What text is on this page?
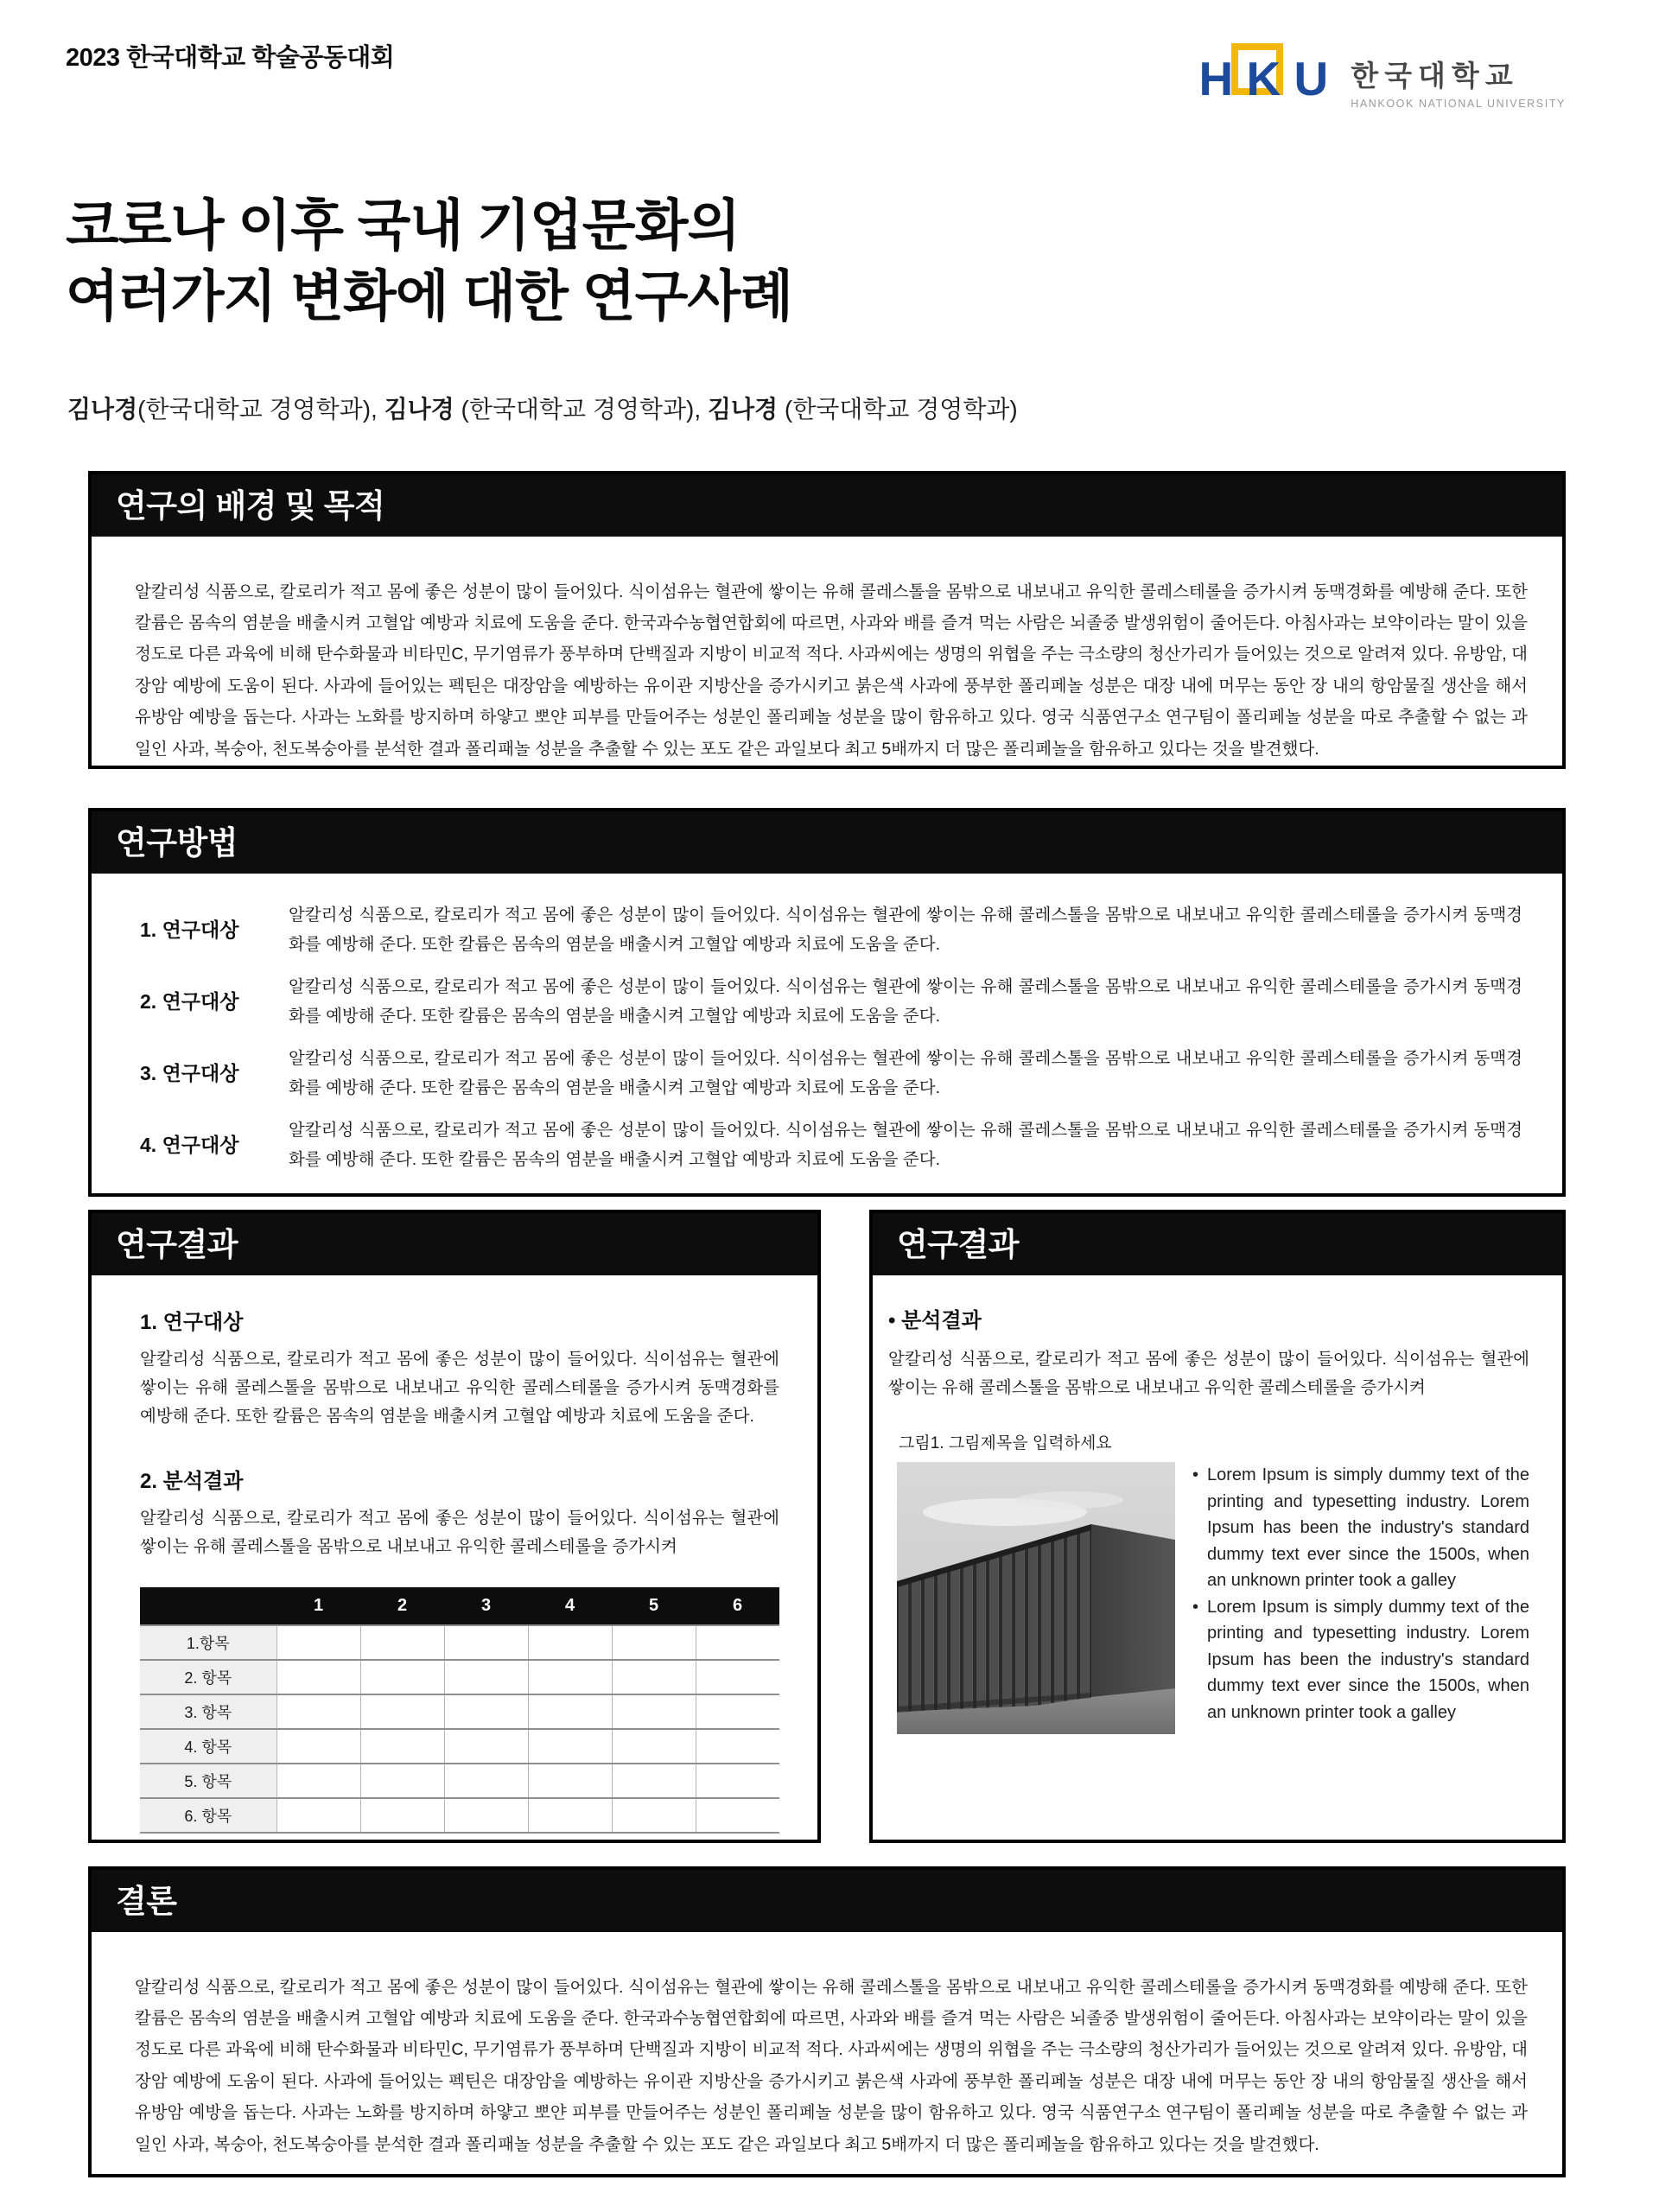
2023 한국대학교 학술공동대회	H K U 한국대학교
HANKOOK NATIONAL UNIVERSITY
코로나 이후 국내 기업문화의
여러가지 변화에 대한 연구사례
김나경(한국대학교 경영학과), 김나경 (한국대학교 경영학과), 김나경 (한국대학교 경영학과)
연구의 배경 및 목적

알칼리성 식품으로, 칼로리가 적고 몸에 좋은 성분이 많이 들어있다. 식이섬유는 혈관에 쌓이는 유해 콜레스톨을 몸밖으로 내보내고 유익한 콜레스테롤을 증가시켜 동맥경화를 예방해 준다. 또한 칼륨은 몸속의 염분을 배출시켜 고혈압 예방과 치료에 도움을 준다. 한국과수농협연합회에 따르면, 사과와 배를 즐겨 먹는 사람은 뇌졸중 발생위험이 줄어든다. 아침사과는 보약이라는 말이 있을 정도로 다른 과육에 비해 탄수화물과 비타민C, 무기염류가 풍부하며 단백질과 지방이 비교적 적다. 사과씨에는 생명의 위협을 주는 극소량의 청산가리가 들어있는 것으로 알려져 있다. 유방암, 대장암 예방에 도움이 된다. 사과에 들어있는 펙틴은 대장암을 예방하는 유이관 지방산을 증가시키고 붉은색 사과에 풍부한 폴리페놀 성분은 대장 내에 머무는 동안 장 내의 항암물질 생산을 해서 유방암 예방을 돕는다. 사과는 노화를 방지하며 하얗고 뽀얀 피부를 만들어주는 성분인 폴리페놀 성분을 많이 함유하고 있다. 영국 식품연구소 연구팀이 폴리페놀 성분을 따로 추출할 수 없는 과일인 사과, 복숭아, 천도복숭아를 분석한 결과 폴리패놀 성분을 추출할 수 있는 포도 같은 과일보다 최고 5배까지 더 많은 폴리페놀을 함유하고 있다는 것을 발견했다.

연구방법
1. 연구대상
알칼리성 식품으로, 칼로리가 적고 몸에 좋은 성분이 많이 들어있다. 식이섬유는 혈관에 쌓이는 유해 콜레스톨을 몸밖으로 내보내고 유익한 콜레스테롤을 증가시켜 동맥경화를 예방해 준다. 또한 칼륨은 몸속의 염분을 배출시켜 고혈압 예방과 치료에 도움을 준다.
2. 연구대상
알칼리성 식품으로, 칼로리가 적고 몸에 좋은 성분이 많이 들어있다. 식이섬유는 혈관에 쌓이는 유해 콜레스톨을 몸밖으로 내보내고 유익한 콜레스테롤을 증가시켜 동맥경화를 예방해 준다. 또한 칼륨은 몸속의 염분을 배출시켜 고혈압 예방과 치료에 도움을 준다.
3. 연구대상
알칼리성 식품으로, 칼로리가 적고 몸에 좋은 성분이 많이 들어있다. 식이섬유는 혈관에 쌓이는 유해 콜레스톨을 몸밖으로 내보내고 유익한 콜레스테롤을 증가시켜 동맥경화를 예방해 준다. 또한 칼륨은 몸속의 염분을 배출시켜 고혈압 예방과 치료에 도움을 준다.
4. 연구대상
알칼리성 식품으로, 칼로리가 적고 몸에 좋은 성분이 많이 들어있다. 식이섬유는 혈관에 쌓이는 유해 콜레스톨을 몸밖으로 내보내고 유익한 콜레스테롤을 증가시켜 동맥경화를 예방해 준다. 또한 칼륨은 몸속의 염분을 배출시켜 고혈압 예방과 치료에 도움을 준다.
연구결과
1. 연구대상

알칼리성 식품으로, 칼로리가 적고 몸에 좋은 성분이 많이 들어있다. 식이섬유는 혈관에 쌓이는 유해 콜레스톨을 몸밖으로 내보내고 유익한 콜레스테롤을 증가시켜 동맥경화를 예방해 준다. 또한 칼륨은 몸속의 염분을 배출시켜 고혈압 예방과 치료에 도움을 준다.

2. 분석결과

알칼리성 식품으로, 칼로리가 적고 몸에 좋은 성분이 많이 들어있다. 식이섬유는 혈관에 쌓이는 유해 콜레스톨을 몸밖으로 내보내고 유익한 콜레스테롤을 증가시켜

	1	2	3	4	5	6
1.항목						
2. 항목						
3. 항목						
4. 항목						
5. 항목						
6. 항목						
연구결과
• 분석결과

알칼리성 식품으로, 칼로리가 적고 몸에 좋은 성분이 많이 들어있다. 식이섬유는 혈관에 쌓이는 유해 콜레스톨을 몸밖으로 내보내고 유익한 콜레스테롤을 증가시켜

그림1. 그림제목을 입력하세요
• Lorem Ipsum is simply dummy text of the printing and typesetting industry. Lorem Ipsum has been the industry's standard dummy text ever since the 1500s, when an unknown printer took a galley
• Lorem Ipsum is simply dummy text of the printing and typesetting industry. Lorem Ipsum has been the industry's standard dummy text ever since the 1500s, when an unknown printer took a galley
결론

알칼리성 식품으로, 칼로리가 적고 몸에 좋은 성분이 많이 들어있다. 식이섬유는 혈관에 쌓이는 유해 콜레스톨을 몸밖으로 내보내고 유익한 콜레스테롤을 증가시켜 동맥경화를 예방해 준다. 또한 칼륨은 몸속의 염분을 배출시켜 고혈압 예방과 치료에 도움을 준다. 한국과수농협연합회에 따르면, 사과와 배를 즐겨 먹는 사람은 뇌졸중 발생위험이 줄어든다. 아침사과는 보약이라는 말이 있을 정도로 다른 과육에 비해 탄수화물과 비타민C, 무기염류가 풍부하며 단백질과 지방이 비교적 적다. 사과씨에는 생명의 위협을 주는 극소량의 청산가리가 들어있는 것으로 알려져 있다. 유방암, 대장암 예방에 도움이 된다. 사과에 들어있는 펙틴은 대장암을 예방하는 유이관 지방산을 증가시키고 붉은색 사과에 풍부한 폴리페놀 성분은 대장 내에 머무는 동안 장 내의 항암물질 생산을 해서 유방암 예방을 돕는다. 사과는 노화를 방지하며 하얗고 뽀얀 피부를 만들어주는 성분인 폴리페놀 성분을 많이 함유하고 있다. 영국 식품연구소 연구팀이 폴리페놀 성분을 따로 추출할 수 없는 과일인 사과, 복숭아, 천도복숭아를 분석한 결과 폴리패놀 성분을 추출할 수 있는 포도 같은 과일보다 최고 5배까지 더 많은 폴리페놀을 함유하고 있다는 것을 발견했다.
